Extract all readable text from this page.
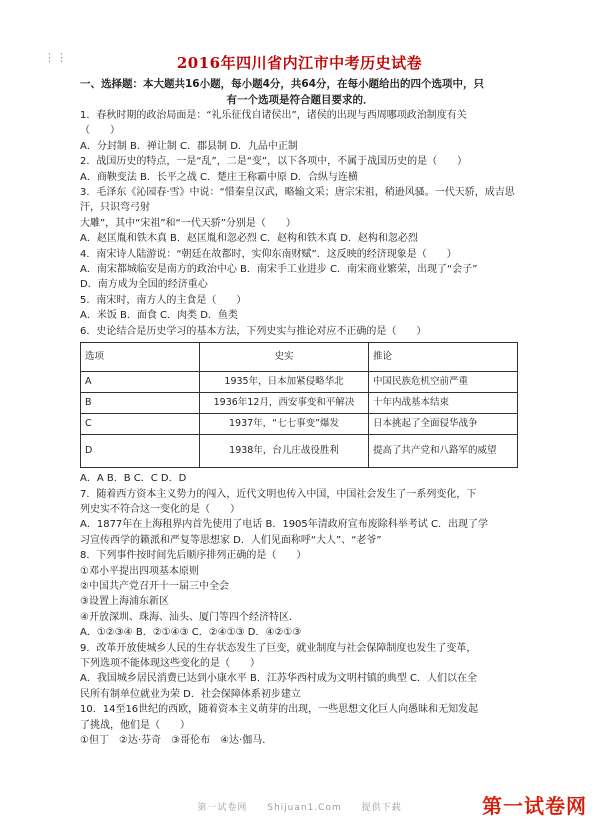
⋮⋮	2016年四川省内江市中考历史试卷
一、选择题：本大题共16小题，每小题4分，共64分，在每小题给出的四个选项中，只
有一个选项是符合题目要求的．
1．春秋时期的政治局面是：“礼乐征伐自诸侯出”，诸侯的出现与西周哪项政治制度有关
（　　）
A．分封制 B．禅让制 C．郡县制 D．九品中正制
2．战国历史的特点，一是“乱”，二是“变”，以下各项中，不属于战国历史的是（　　）
A．商鞅变法 B．长平之战 C．楚庄王称霸中原 D．合纵与连横
3．毛泽东《沁园春·雪》中说：“惜秦皇汉武，略输文采；唐宗宋祖，稍逊风骚。一代天骄，成吉思汗，只识弯弓射
大雕”，其中“宋祖”和“一代天骄”分别是（　　）
A．赵匡胤和铁木真 B．赵匡胤和忽必烈 C．赵构和铁木真 D．赵构和忽必烈
4．南宋诗人陆游说：“朝廷在故都时，实仰东南财赋”．这反映的经济现象是（　　）
A．南宋都城临安是南方的政治中心 B．南宋手工业进步 C．南宋商业繁荣，出现了“会子”
D．南方成为全国的经济重心
5．南宋时，南方人的主食是（　　）
A．米饭 B．面食 C．肉类 D．鱼类
6．史论结合是历史学习的基本方法，下列史实与推论对应不正确的是（　　）
选项	史实	推论
A	1935年，日本加紧侵略华北	中国民族危机空前严重
B	1936年12月，西安事变和平解决	十年内战基本结束
C	1937年，“七七事变”爆发	日本挑起了全面侵华战争
D	1938年，台儿庄战役胜利	提高了共产党和八路军的威望
A．A B．B C．C D．D
7．随着西方资本主义势力的闯入，近代文明也传入中国，中国社会发生了一系列变化，下
列史实不符合这一变化的是（　　）
A．1877年在上海租界内首先使用了电话 B．1905年清政府宣布废除科举考试 C．出现了学
习宣传西学的籁派和严复等思想家 D．人们见面称呼“大人”、“老爷”
8．下列事件按时间先后顺序排列正确的是（　　）
①邓小平提出四项基本原则
②中国共产党召开十一届三中全会
③设置上海浦东新区
④开放深圳、珠海、汕头、厦门等四个经济特区．
A．①②③④ B．②①④③ C．②④①③ D．④②①③
9．改革开放使城乡人民的生存状态发生了巨变，就业制度与社会保障制度也发生了变革，
下列选项不能体现这些变化的是（　　）
A．我国城乡居民消费已达到小康水平 B．江苏华西村成为文明村镇的典型 C．人们以在全
民所有制单位就业为荣 D．社会保障体系初步建立
10．14至16世纪的西欧，随着资本主义萌芽的出现，一些思想文化巨人向愚昧和无知发起
了挑战，他们是（　　）
①但丁　②达·芬奇　③哥伦布　④达·伽马．
第一试卷网 Shijuan1.Com 提供下载	第一试卷网
